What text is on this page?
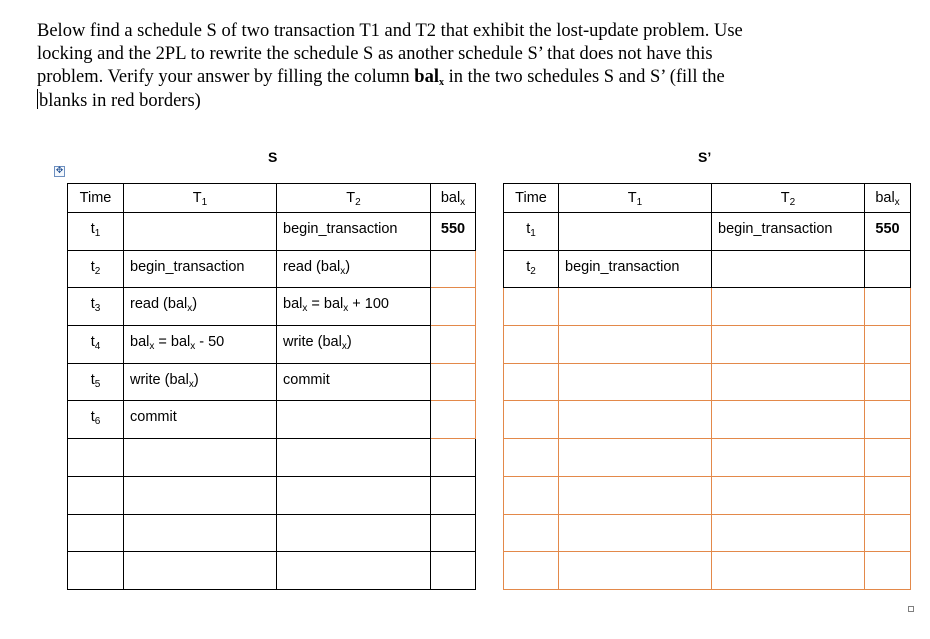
Below find a schedule S of two transaction T1 and T2 that exhibit the lost-update problem. Use
locking and the 2PL to rewrite the schedule S as another schedule S’ that does not have this
problem. Verify your answer by filling the column bal$_x$ in the two schedules S and S’ (fill the
blanks in red borders)
S	S’
✥
Time	$T_1$	$T_2$	bal$_x$
$t_1$		begin_transaction	550
$t_2$	begin_transaction	read (bal$_x$)	
$t_3$	read (bal$_x$)	bal$_x$ = bal$_x$ + 100	
$t_4$	bal$_x$ = bal$_x$ - 50	write (bal$_x$)	
$t_5$	write (bal$_x$)	commit	
$t_6$	commit		

Time	$T_1$	$T_2$	bal$_x$
$t_1$		begin_transaction	550
$t_2$	begin_transaction		
